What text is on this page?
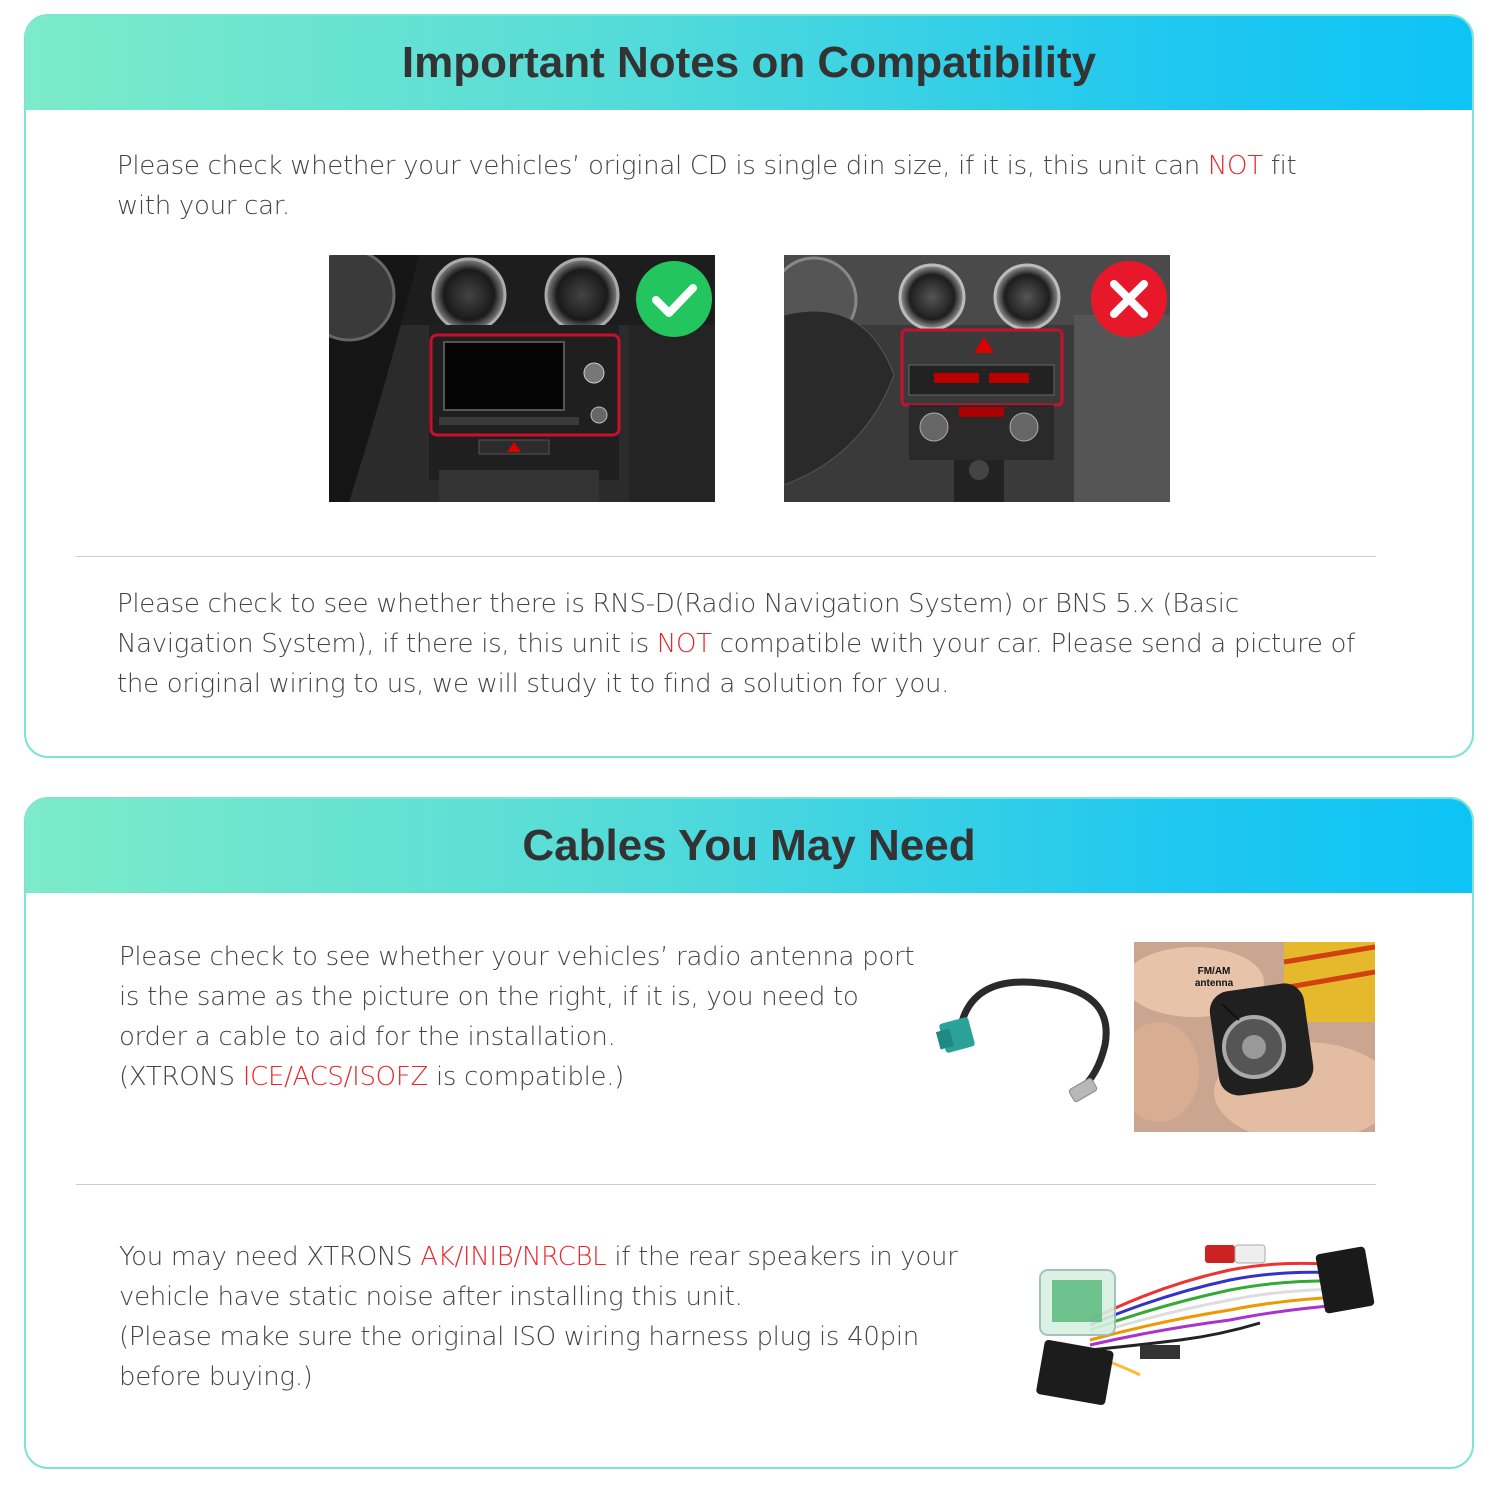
Important Notes on Compatibility
Please check whether your vehicles’ original CD is single din size, if it is, this unit can NOT fit with your car.
Please check to see whether there is RNS-D(Radio Navigation System) or BNS 5.x (Basic Navigation System), if there is, this unit is NOT compatible with your car. Please send a picture of the original wiring to us, we will study it to find a solution for you.
Cables You May Need
Please check to see whether your vehicles’ radio antenna port is the same as the picture on the right, if it is, you need to order a cable to aid for the installation.
(XTRONS ICE/ACS/ISOFZ is compatible.)
FM/AM
antenna
You may need XTRONS AK/INIB/NRCBL if the rear speakers in your vehicle have static noise after installing this unit.
(Please make sure the original ISO wiring harness plug is 40pin before buying.)
